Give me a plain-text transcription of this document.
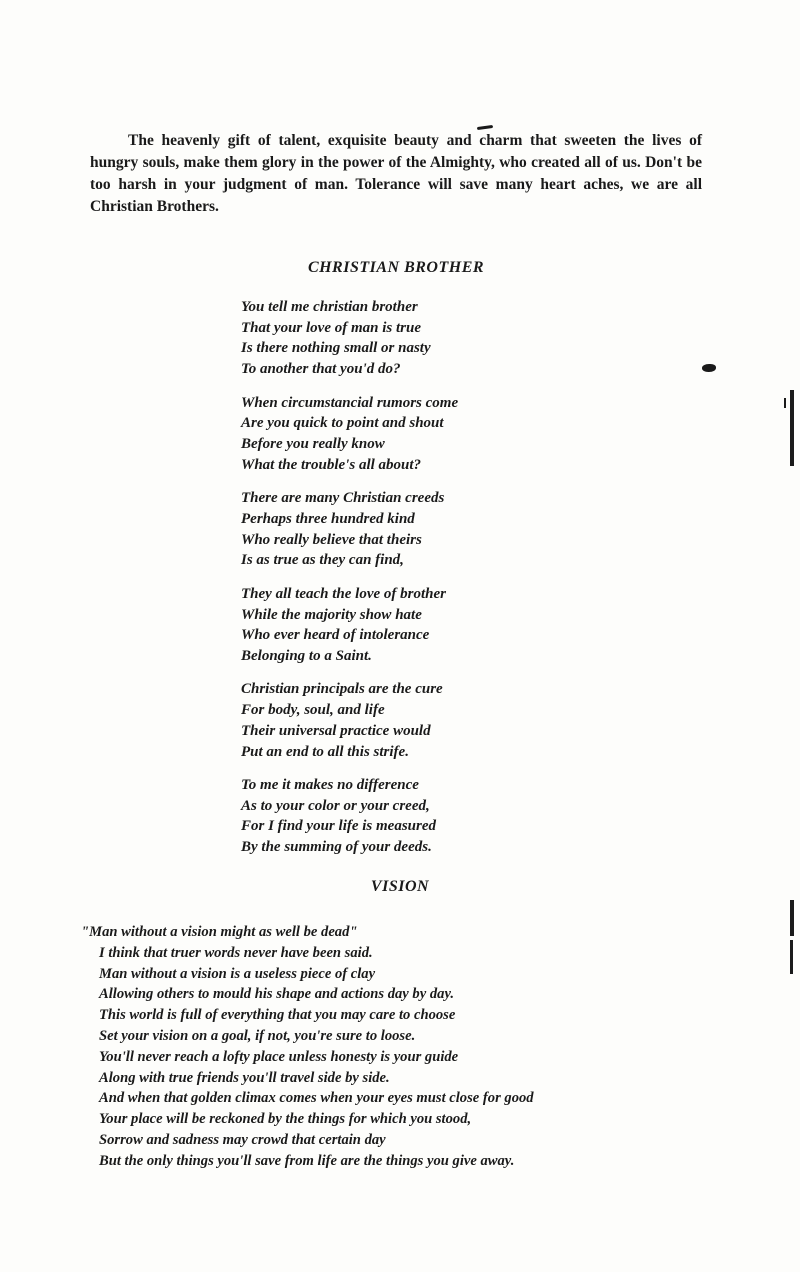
The heavenly gift of talent, exquisite beauty and charm that sweeten the lives of hungry souls, make them glory in the power of the Almighty, who created all of us. Don't be too harsh in your judgment of man. Tolerance will save many heart aches, we are all Christian Brothers.

CHRISTIAN BROTHER
You tell me christian brother
That your love of man is true
Is there nothing small or nasty
To another that you'd do?
When circumstancial rumors come
Are you quick to point and shout
Before you really know
What the trouble's all about?
There are many Christian creeds
Perhaps three hundred kind
Who really believe that theirs
Is as true as they can find,
They all teach the love of brother
While the majority show hate
Who ever heard of intolerance
Belonging to a Saint.
Christian principals are the cure
For body, soul, and life
Their universal practice would
Put an end to all this strife.
To me it makes no difference
As to your color or your creed,
For I find your life is measured
By the summing of your deeds.
VISION
"Man without a vision might as well be dead"
I think that truer words never have been said.
Man without a vision is a useless piece of clay
Allowing others to mould his shape and actions day by day.
This world is full of everything that you may care to choose
Set your vision on a goal, if not, you're sure to loose.
You'll never reach a lofty place unless honesty is your guide
Along with true friends you'll travel side by side.
And when that golden climax comes when your eyes must close for good
Your place will be reckoned by the things for which you stood,
Sorrow and sadness may crowd that certain day
But the only things you'll save from life are the things you give away.
